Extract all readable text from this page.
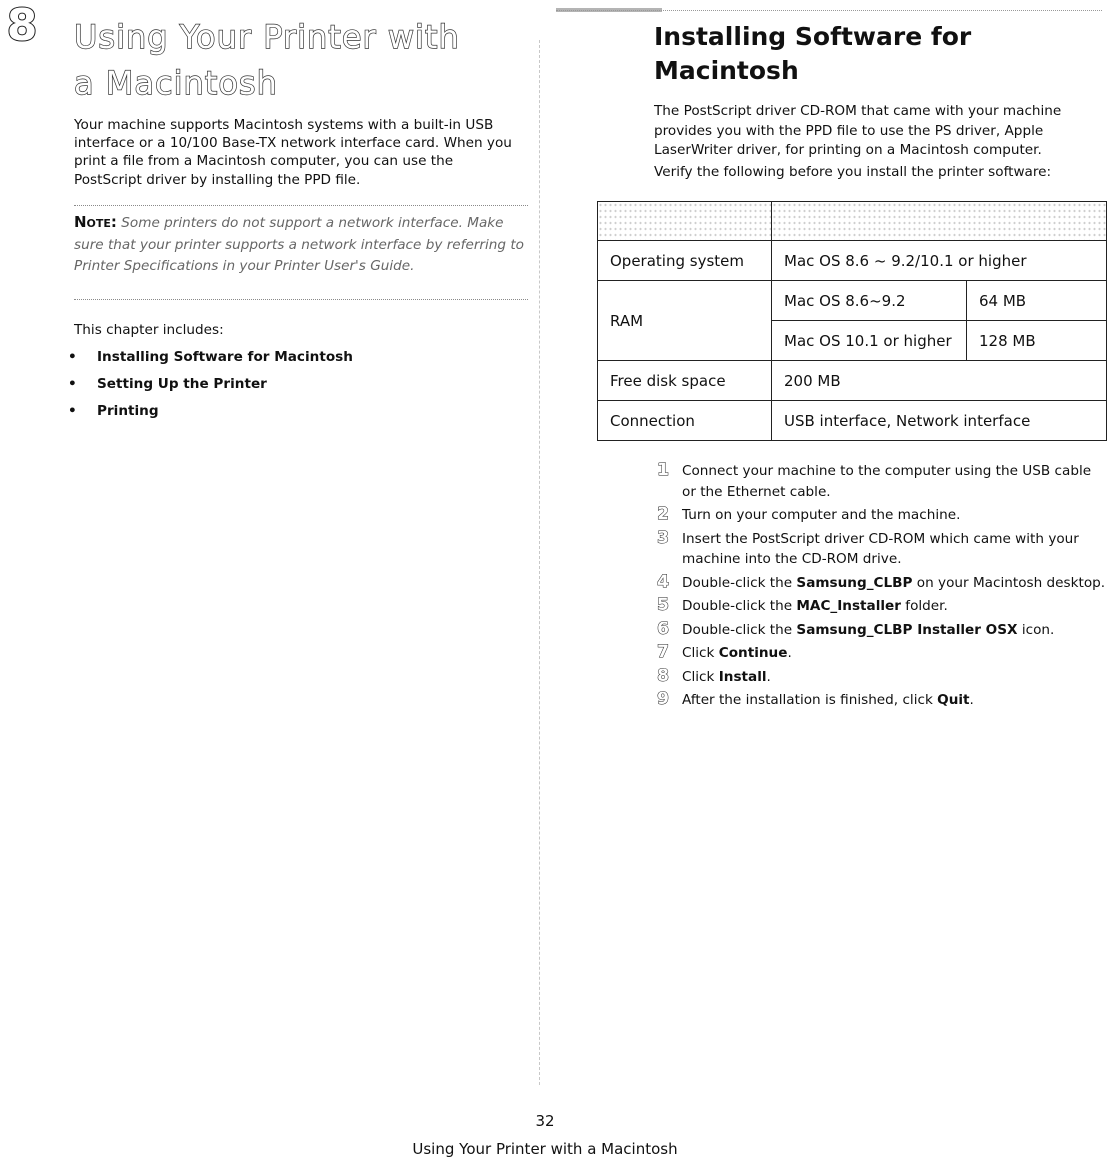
8 Using Your Printer with
a Macintosh
Your machine supports Macintosh systems with a built-in USB interface or a 10/100 Base-TX network interface card. When you print a file from a Macintosh computer, you can use the PostScript driver by installing the PPD file.
Note: Some printers do not support a network interface. Make sure that your printer supports a network interface by referring to Printer Specifications in your Printer User's Guide.
This chapter includes:
• Installing Software for Macintosh
• Setting Up the Printer
• Printing
Installing Software for
Macintosh
The PostScript driver CD-ROM that came with your machine provides you with the PPD file to use the PS driver, Apple LaserWriter driver, for printing on a Macintosh computer.
Verify the following before you install the printer software:

Operating system	Mac OS 8.6 ~ 9.2/10.1 or higher	
RAM	Mac OS 8.6~9.2	64 MB
	Mac OS 10.1 or higher	128 MB
Free disk space	200 MB	
Connection	USB interface, Network interface	
1 Connect your machine to the computer using the USB cable or the Ethernet cable.
2 Turn on your computer and the machine.
3 Insert the PostScript driver CD-ROM which came with your machine into the CD-ROM drive.
4 Double-click the Samsung_CLBP on your Macintosh desktop.
5 Double-click the MAC_Installer folder.
6 Double-click the Samsung_CLBP Installer OSX icon.
7 Click Continue.
8 Click Install.
9 After the installation is finished, click Quit.
32
Using Your Printer with a Macintosh
